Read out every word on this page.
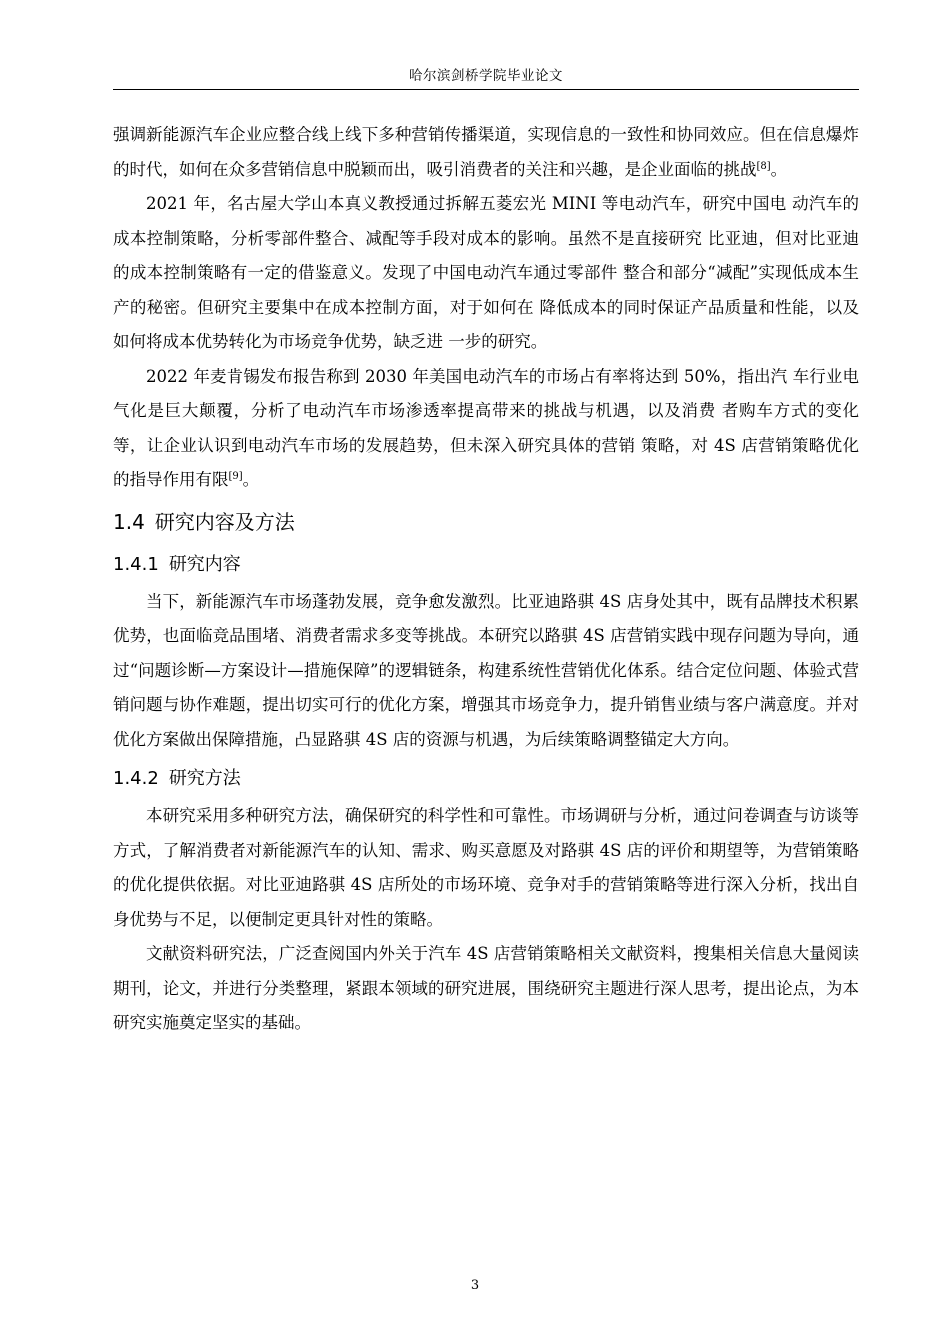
哈尔滨剑桥学院毕业论文

强调新能源汽车企业应整合线上线下多种营销传播渠道，实现信息的一致性和协同效应。但在信息爆炸的时代，如何在众多营销信息中脱颖而出，吸引消费者的关注和兴趣，是企业面临的挑战[8]。

2021 年，名古屋大学山本真义教授通过拆解五菱宏光 MINI 等电动汽车，研究中国电 动汽车的成本控制策略，分析零部件整合、减配等手段对成本的影响。虽然不是直接研究 比亚迪，但对比亚迪的成本控制策略有一定的借鉴意义。发现了中国电动汽车通过零部件 整合和部分“减配”实现低成本生产的秘密。但研究主要集中在成本控制方面，对于如何在 降低成本的同时保证产品质量和性能，以及如何将成本优势转化为市场竞争优势，缺乏进 一步的研究。

2022 年麦肯锡发布报告称到 2030 年美国电动汽车的市场占有率将达到 50%，指出汽 车行业电气化是巨大颠覆，分析了电动汽车市场渗透率提高带来的挑战与机遇，以及消费 者购车方式的变化等，让企业认识到电动汽车市场的发展趋势，但未深入研究具体的营销 策略，对 4S 店营销策略优化的指导作用有限[9]。

1.4 研究内容及方法
1.4.1 研究内容

当下，新能源汽车市场蓬勃发展，竞争愈发激烈。比亚迪路骐 4S 店身处其中，既有品牌技术积累优势，也面临竞品围堵、消费者需求多变等挑战。本研究以路骐 4S 店营销实践中现存问题为导向，通过“问题诊断—方案设计—措施保障”的逻辑链条，构建系统性营销优化体系。结合定位问题、体验式营销问题与协作难题，提出切实可行的优化方案，增强其市场竞争力，提升销售业绩与客户满意度。并对优化方案做出保障措施，凸显路骐 4S 店的资源与机遇，为后续策略调整锚定大方向。

1.4.2 研究方法

本研究采用多种研究方法，确保研究的科学性和可靠性。市场调研与分析，通过问卷调查与访谈等方式，了解消费者对新能源汽车的认知、需求、购买意愿及对路骐 4S 店的评价和期望等，为营销策略的优化提供依据。对比亚迪路骐 4S 店所处的市场环境、竞争对手的营销策略等进行深入分析，找出自身优势与不足，以便制定更具针对性的策略。

文献资料研究法，广泛查阅国内外关于汽车 4S 店营销策略相关文献资料，搜集相关信息大量阅读期刊，论文，并进行分类整理，紧跟本领域的研究进展，围绕研究主题进行深人思考，提出论点，为本研究实施奠定坚实的基础。

3
